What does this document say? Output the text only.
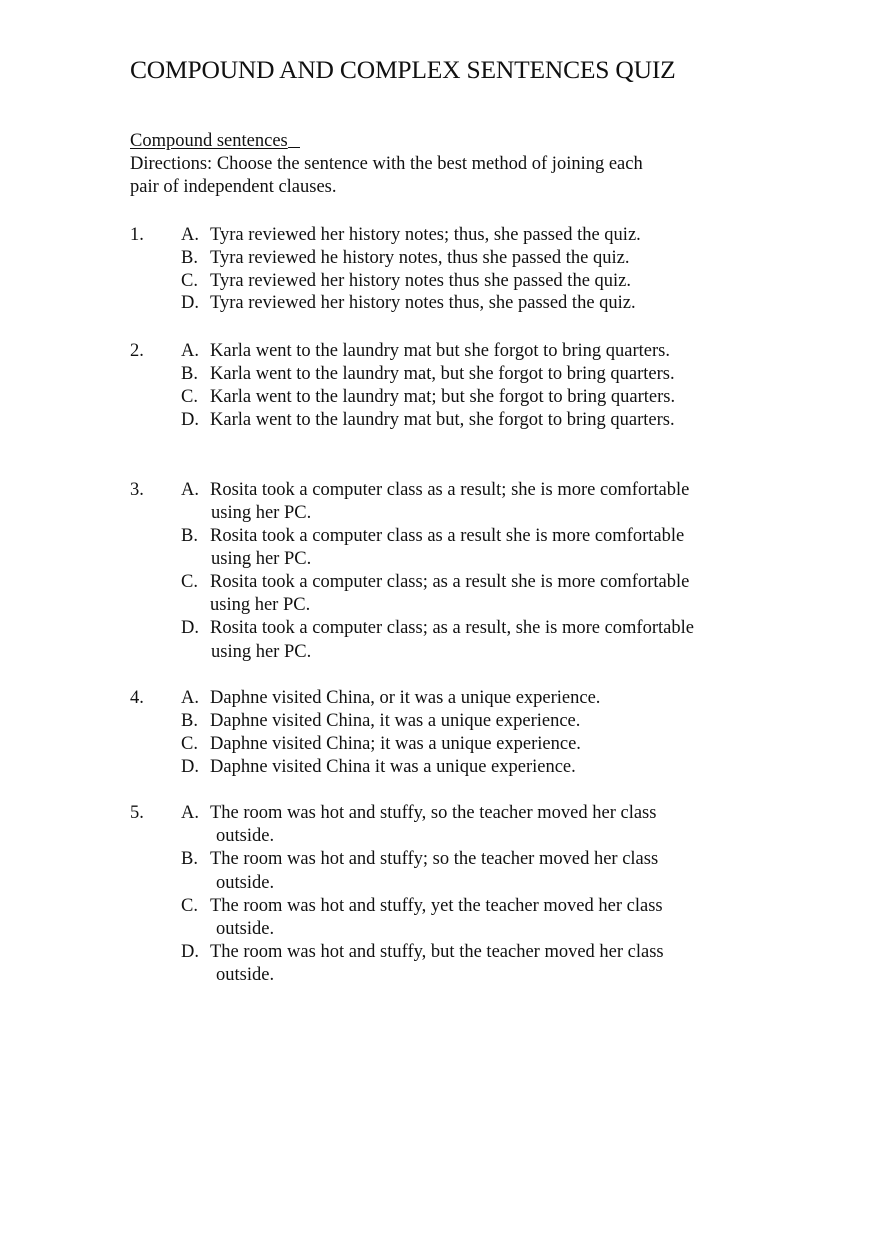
COMPOUND AND COMPLEX SENTENCES QUIZ
Compound sentences
Directions: Choose the sentence with the best method of joining each
pair of independent clauses.
1. A. Tyra reviewed her history notes; thus, she passed the quiz.
B. Tyra reviewed he history notes, thus she passed the quiz.
C. Tyra reviewed her history notes thus she passed the quiz.
D. Tyra reviewed her history notes thus, she passed the quiz.
2. A. Karla went to the laundry mat but she forgot to bring quarters.
B. Karla went to the laundry mat, but she forgot to bring quarters.
C. Karla went to the laundry mat; but she forgot to bring quarters.
D. Karla went to the laundry mat but, she forgot to bring quarters.
3. A. Rosita took a computer class as a result; she is more comfortable
using her PC.
B. Rosita took a computer class as a result she is more comfortable
using her PC.
C. Rosita took a computer class; as a result she is more comfortable
using her PC.
D. Rosita took a computer class; as a result, she is more comfortable
using her PC.
4. A. Daphne visited China, or it was a unique experience.
B. Daphne visited China, it was a unique experience.
C. Daphne visited China; it was a unique experience.
D. Daphne visited China it was a unique experience.
5. A. The room was hot and stuffy, so the teacher moved her class
outside.
B. The room was hot and stuffy; so the teacher moved her class
outside.
C. The room was hot and stuffy, yet the teacher moved her class
outside.
D. The room was hot and stuffy, but the teacher moved her class
outside.
